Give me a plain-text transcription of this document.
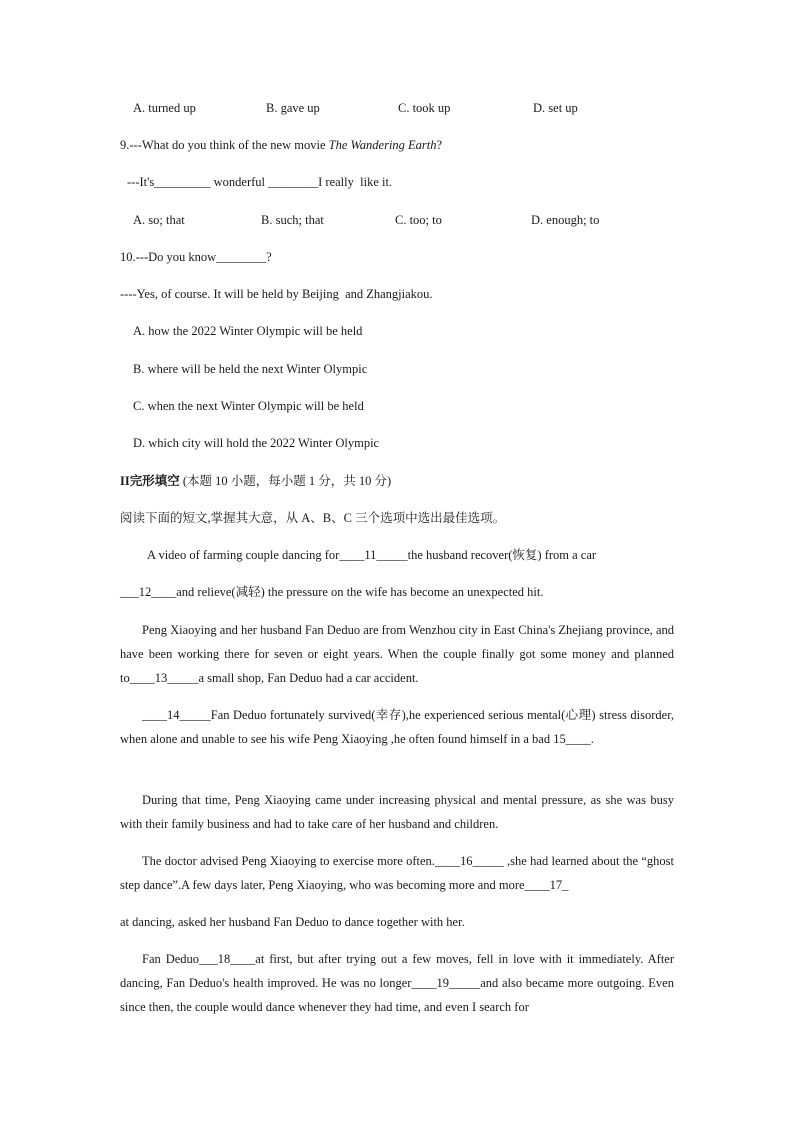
A. turned up	B. gave up	C. took up	D. set up
9.---What do you think of the new movie The Wandering Earth?
---It's_________ wonderful ________I really  like it.
A. so; that	B. such; that	C. too; to	D. enough; to
10.---Do you know________?
----Yes, of course. It will be held by Beijing  and Zhangjiakou.
A. how the 2022 Winter Olympic will be held
B. where will be held the next Winter Olympic
C. when the next Winter Olympic will be held
D. which city will hold the 2022 Winter Olympic
II完形填空 (本题 10 小题，每小题 1 分，共 10 分)
阅读下面的短文,掌握其大意，从 A、B、C 三个选项中选出最佳选项。
A video of farming couple dancing for____11_____the husband recover(恢复) from a car
___12____and relieve(减轻) the pressure on the wife has become an unexpected hit.
Peng Xiaoying and her husband Fan Deduo are from Wenzhou city in East China's Zhejiang province, and have been working there for seven or eight years. When the couple finally got some money and planned to____13_____a small shop, Fan Deduo had a car accident.
____14_____Fan Deduo fortunately survived(幸存),he experienced serious mental(心理) stress disorder, when alone and unable to see his wife Peng Xiaoying ,he often found himself in a bad 15____.
During that time, Peng Xiaoying came under increasing physical and mental pressure, as she was busy with their family business and had to take care of her husband and children.
The doctor advised Peng Xiaoying to exercise more often.____16_____ ,she had learned about the “ghost step dance”.A few days later, Peng Xiaoying, who was becoming more and more____17_
at dancing, asked her husband Fan Deduo to dance together with her.
Fan Deduo___18____at first, but after trying out a few moves, fell in love with it immediately. After dancing, Fan Deduo's health improved. He was no longer____19_____and also became more outgoing. Even since then, the couple would dance whenever they had time, and even I search for
